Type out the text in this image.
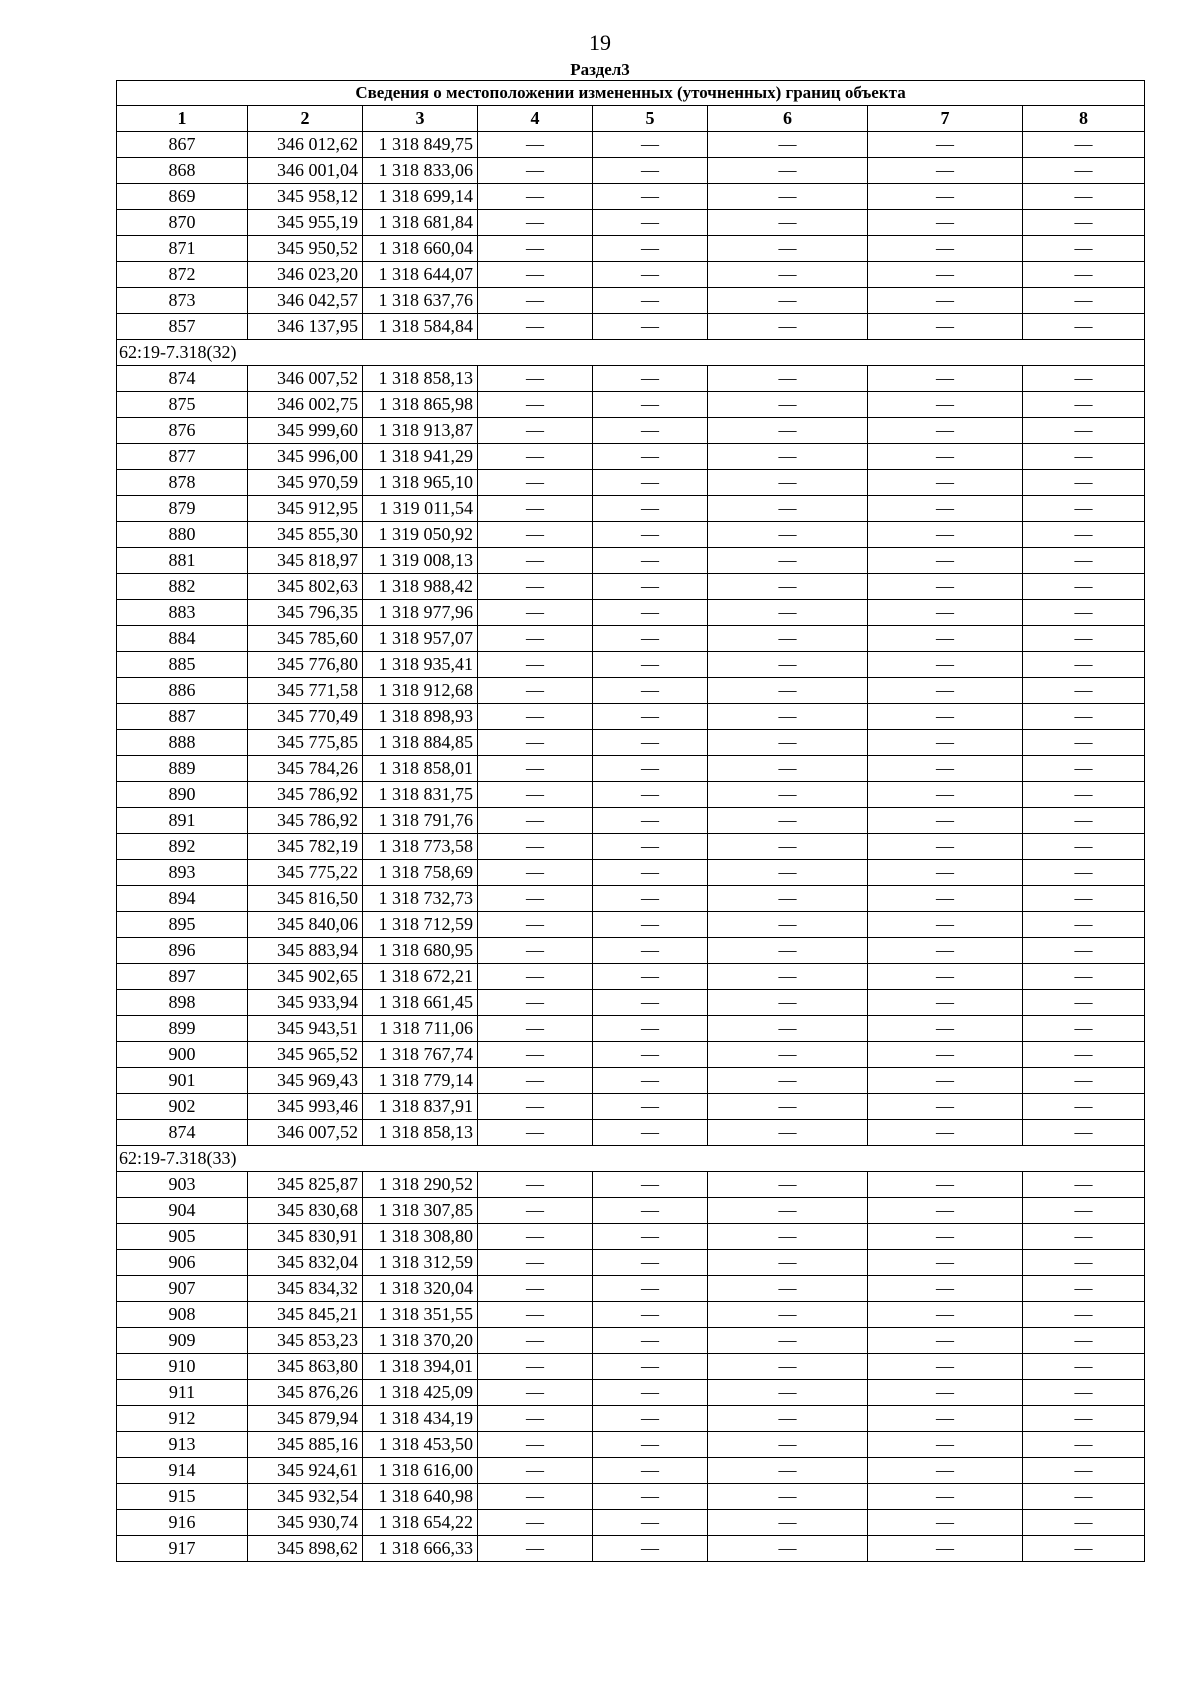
19
Раздел3
Сведения о местоположении измененных (уточненных) границ объекта							
1	2	3	4	5	6	7	8
867	346 012,62	1 318 849,75	—	—	—	—	—
868	346 001,04	1 318 833,06	—	—	—	—	—
869	345 958,12	1 318 699,14	—	—	—	—	—
870	345 955,19	1 318 681,84	—	—	—	—	—
871	345 950,52	1 318 660,04	—	—	—	—	—
872	346 023,20	1 318 644,07	—	—	—	—	—
873	346 042,57	1 318 637,76	—	—	—	—	—
857	346 137,95	1 318 584,84	—	—	—	—	—
62:19-7.318(32)							
874	346 007,52	1 318 858,13	—	—	—	—	—
875	346 002,75	1 318 865,98	—	—	—	—	—
876	345 999,60	1 318 913,87	—	—	—	—	—
877	345 996,00	1 318 941,29	—	—	—	—	—
878	345 970,59	1 318 965,10	—	—	—	—	—
879	345 912,95	1 319 011,54	—	—	—	—	—
880	345 855,30	1 319 050,92	—	—	—	—	—
881	345 818,97	1 319 008,13	—	—	—	—	—
882	345 802,63	1 318 988,42	—	—	—	—	—
883	345 796,35	1 318 977,96	—	—	—	—	—
884	345 785,60	1 318 957,07	—	—	—	—	—
885	345 776,80	1 318 935,41	—	—	—	—	—
886	345 771,58	1 318 912,68	—	—	—	—	—
887	345 770,49	1 318 898,93	—	—	—	—	—
888	345 775,85	1 318 884,85	—	—	—	—	—
889	345 784,26	1 318 858,01	—	—	—	—	—
890	345 786,92	1 318 831,75	—	—	—	—	—
891	345 786,92	1 318 791,76	—	—	—	—	—
892	345 782,19	1 318 773,58	—	—	—	—	—
893	345 775,22	1 318 758,69	—	—	—	—	—
894	345 816,50	1 318 732,73	—	—	—	—	—
895	345 840,06	1 318 712,59	—	—	—	—	—
896	345 883,94	1 318 680,95	—	—	—	—	—
897	345 902,65	1 318 672,21	—	—	—	—	—
898	345 933,94	1 318 661,45	—	—	—	—	—
899	345 943,51	1 318 711,06	—	—	—	—	—
900	345 965,52	1 318 767,74	—	—	—	—	—
901	345 969,43	1 318 779,14	—	—	—	—	—
902	345 993,46	1 318 837,91	—	—	—	—	—
874	346 007,52	1 318 858,13	—	—	—	—	—
62:19-7.318(33)							
903	345 825,87	1 318 290,52	—	—	—	—	—
904	345 830,68	1 318 307,85	—	—	—	—	—
905	345 830,91	1 318 308,80	—	—	—	—	—
906	345 832,04	1 318 312,59	—	—	—	—	—
907	345 834,32	1 318 320,04	—	—	—	—	—
908	345 845,21	1 318 351,55	—	—	—	—	—
909	345 853,23	1 318 370,20	—	—	—	—	—
910	345 863,80	1 318 394,01	—	—	—	—	—
911	345 876,26	1 318 425,09	—	—	—	—	—
912	345 879,94	1 318 434,19	—	—	—	—	—
913	345 885,16	1 318 453,50	—	—	—	—	—
914	345 924,61	1 318 616,00	—	—	—	—	—
915	345 932,54	1 318 640,98	—	—	—	—	—
916	345 930,74	1 318 654,22	—	—	—	—	—
917	345 898,62	1 318 666,33	—	—	—	—	—
